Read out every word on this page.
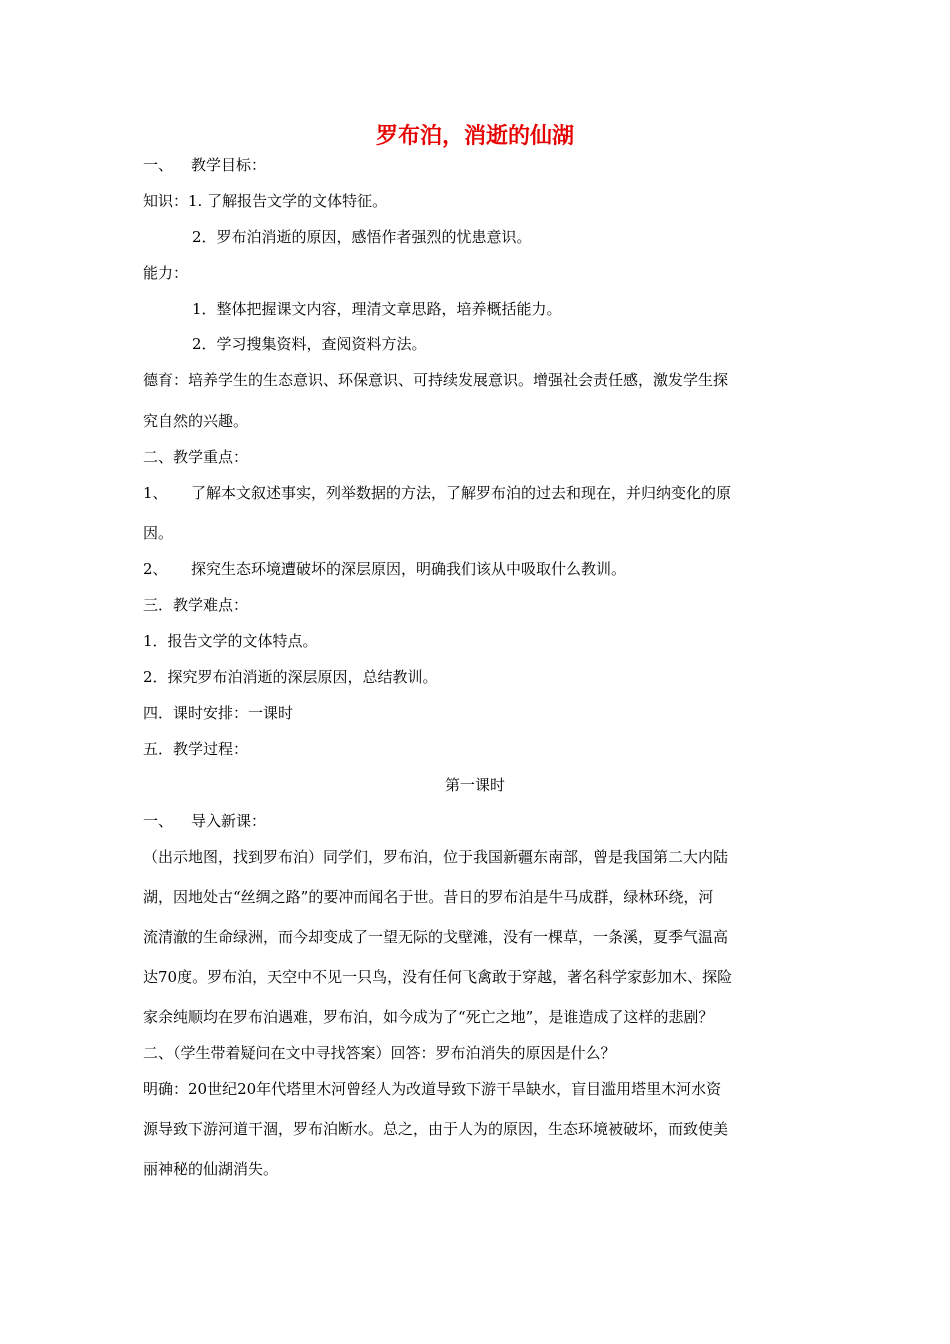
罗布泊，消逝的仙湖
一、 教学目标：
知识：1. 了解报告文学的文体特征。
2．罗布泊消逝的原因，感悟作者强烈的忧患意识。
能力：
1．整体把握课文内容，理清文章思路，培养概括能力。
2．学习搜集资料，查阅资料方法。
德育：培养学生的生态意识、环保意识、可持续发展意识。增强社会责任感，激发学生探
究自然的兴趣。
二、教学重点：
1、 了解本文叙述事实，列举数据的方法，了解罗布泊的过去和现在，并归纳变化的原
因。
2、 探究生态环境遭破坏的深层原因，明确我们该从中吸取什么教训。
三．教学难点：
1．报告文学的文体特点。
2．探究罗布泊消逝的深层原因，总结教训。
四．课时安排：一课时
五．教学过程：
第一课时
一、 导入新课：
（出示地图，找到罗布泊）同学们，罗布泊，位于我国新疆东南部，曾是我国第二大内陆
湖，因地处古“丝绸之路”的要冲而闻名于世。昔日的罗布泊是牛马成群，绿林环绕，河
流清澈的生命绿洲，而今却变成了一望无际的戈壁滩，没有一棵草，一条溪，夏季气温高
达70度。罗布泊，天空中不见一只鸟，没有任何飞禽敢于穿越，著名科学家彭加木、探险
家余纯顺均在罗布泊遇难，罗布泊，如今成为了“死亡之地”，是谁造成了这样的悲剧？
二、（学生带着疑问在文中寻找答案）回答：罗布泊消失的原因是什么？
明确：20世纪20年代塔里木河曾经人为改道导致下游干旱缺水，盲目滥用塔里木河水资
源导致下游河道干涸，罗布泊断水。总之，由于人为的原因，生态环境被破坏，而致使美
丽神秘的仙湖消失。
